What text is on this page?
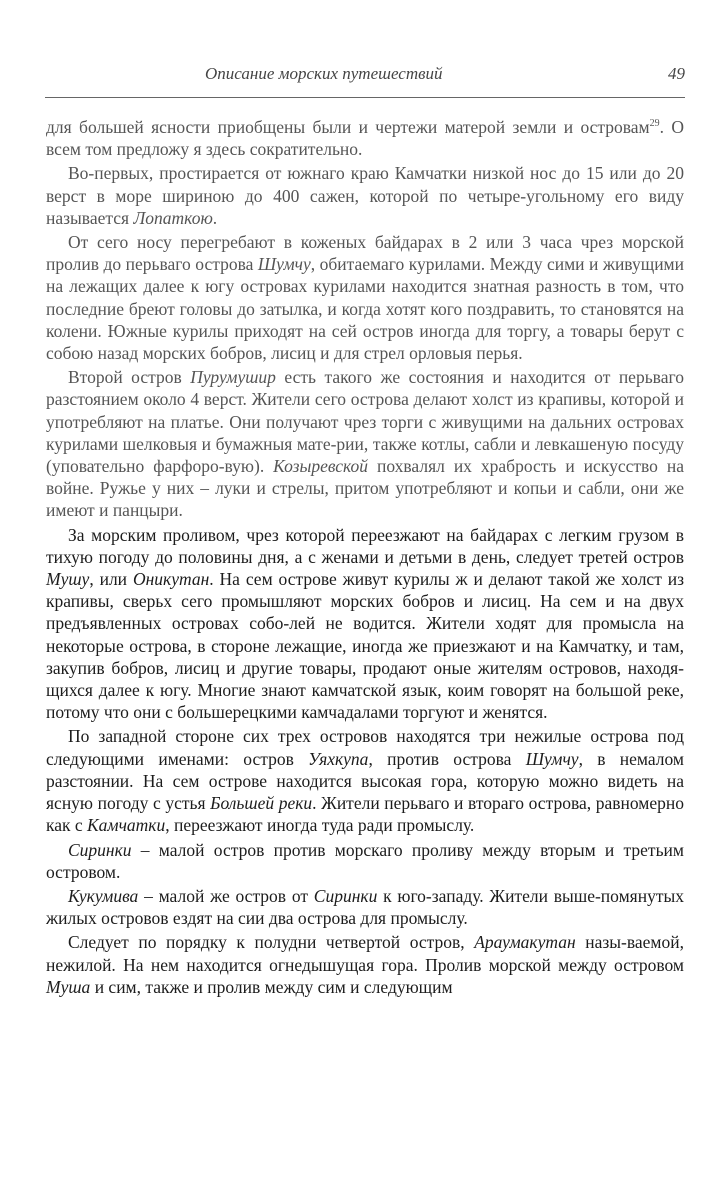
Описание морских путешествий	49

для большей ясности приобщены были и чертежи матерой земли и островам$^{29}$. О всем том предложу я здесь сократительно.

Во-первых, простирается от южнаго краю Камчатки низкой нос до 15 или до 20 верст в море шириною до 400 сажен, которой по четыре-угольному его виду называется Лопаткою.

От сего носу перегребают в коженых байдарах в 2 или 3 часа чрез морской пролив до перьваго острова Шумчу, обитаемаго курилами. Между сими и живущими на лежащих далее к югу островах курилами находится знатная разность в том, что последние бреют головы до затылка, и когда хотят кого поздравить, то становятся на колени. Южные курилы приходят на сей остров иногда для торгу, а товары берут с собою назад морских бобров, лисиц и для стрел орловыя перья.

Второй остров Пурумушир есть такого же состояния и находится от перьваго разстоянием около 4 верст. Жители сего острова делают холст из крапивы, которой и употребляют на платье. Они получают чрез торги с живущими на дальних островах курилами шелковыя и бумажныя мате-рии, также котлы, сабли и левкашеную посуду (уповательно фарфоро-вую). Козыревской похвалял их храбрость и искусство на войне. Ружье у них – луки и стрелы, притом употребляют и копьи и сабли, они же имеют и панцыри.

За морским проливом, чрез которой переезжают на байдарах с легким грузом в тихую погоду до половины дня, а с женами и детьми в день, следует третей остров Мушу, или Оникутан. На сем острове живут курилы ж и делают такой же холст из крапивы, сверьх сего промышляют морских бобров и лисиц. На сем и на двух предъявленных островах собо-лей не водится. Жители ходят для промысла на некоторые острова, в стороне лежащие, иногда же приезжают и на Камчатку, и там, закупив бобров, лисиц и другие товары, продают оные жителям островов, находя-щихся далее к югу. Многие знают камчатской язык, коим говорят на большой реке, потому что они с большерецкими камчадалами торгуют и женятся.

По западной стороне сих трех островов находятся три нежилые острова под следующими именами: остров Уяхкупа, против острова Шумчу, в немалом разстоянии. На сем острове находится высокая гора, которую можно видеть на ясную погоду с устья Большей реки. Жители перьваго и втораго острова, равномерно как с Камчатки, переезжают иногда туда ради промыслу.

Сиринки – малой остров против морскаго проливу между вторым и третьим островом.

Кукумива – малой же остров от Сиринки к юго-западу. Жители выше-помянутых жилых островов ездят на сии два острова для промыслу.

Следует по порядку к полудни четвертой остров, Араумакутан назы-ваемой, нежилой. На нем находится огнедышущая гора. Пролив морской между островом Муша и сим, также и пролив между сим и следующим
